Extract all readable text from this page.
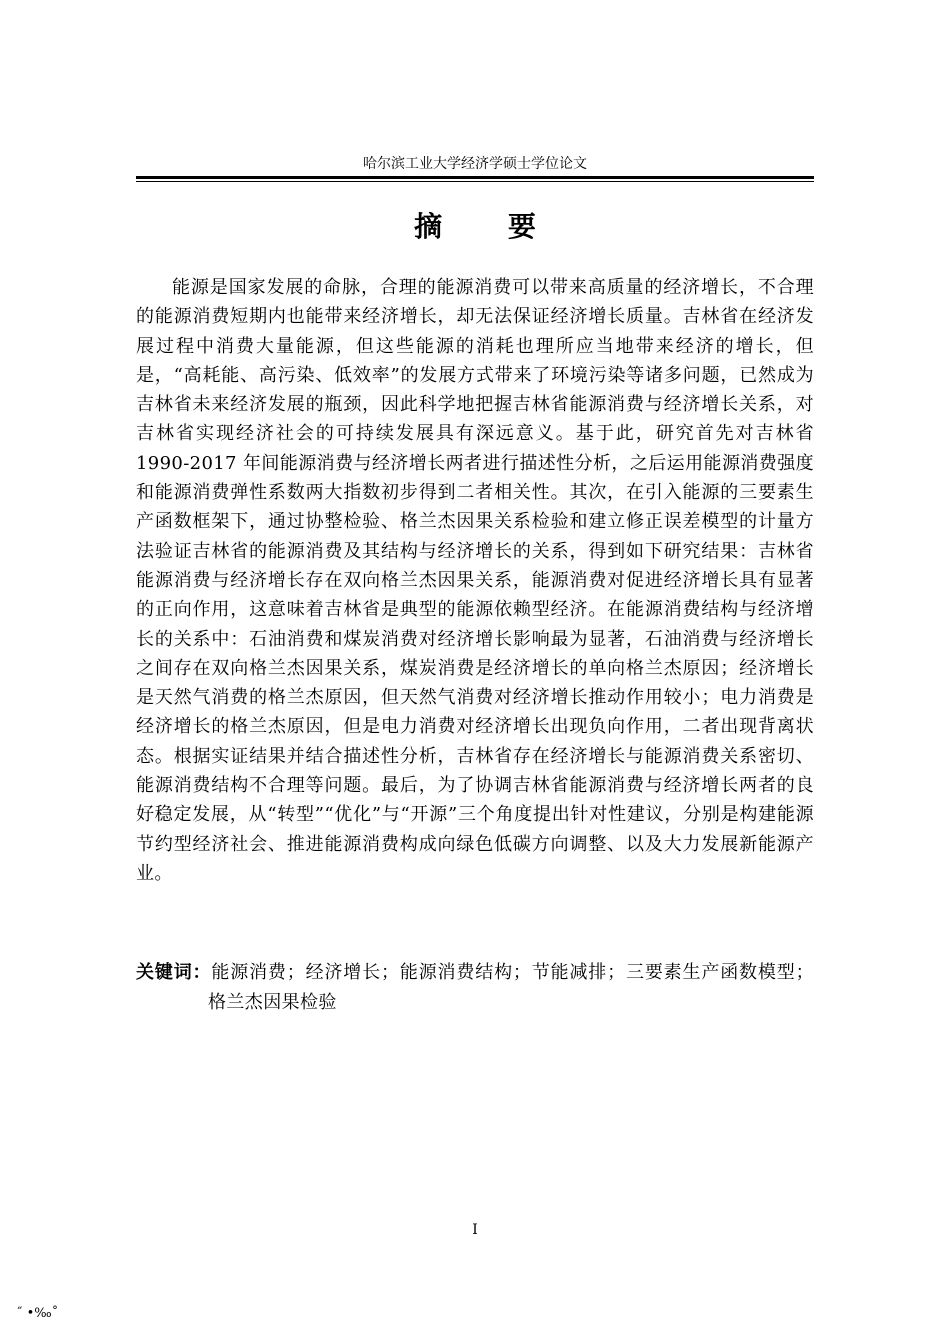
哈尔滨工业大学经济学硕士学位论文
摘 要

能源是国家发展的命脉，合理的能源消费可以带来高质量的经济增长，不合理的能源消费短期内也能带来经济增长，却无法保证经济增长质量。吉林省在经济发展过程中消费大量能源，但这些能源的消耗也理所应当地带来经济的增长，但是，“高耗能、高污染、低效率”的发展方式带来了环境污染等诸多问题，已然成为吉林省未来经济发展的瓶颈，因此科学地把握吉林省能源消费与经济增长关系，对吉林省实现经济社会的可持续发展具有深远意义。基于此，研究首先对吉林省 1990-2017 年间能源消费与经济增长两者进行描述性分析，之后运用能源消费强度和能源消费弹性系数两大指数初步得到二者相关性。其次，在引入能源的三要素生产函数框架下，通过协整检验、格兰杰因果关系检验和建立修正误差模型的计量方法验证吉林省的能源消费及其结构与经济增长的关系，得到如下研究结果：吉林省能源消费与经济增长存在双向格兰杰因果关系，能源消费对促进经济增长具有显著的正向作用，这意味着吉林省是典型的能源依赖型经济。在能源消费结构与经济增长的关系中：石油消费和煤炭消费对经济增长影响最为显著，石油消费与经济增长之间存在双向格兰杰因果关系，煤炭消费是经济增长的单向格兰杰原因；经济增长是天然气消费的格兰杰原因，但天然气消费对经济增长推动作用较小；电力消费是经济增长的格兰杰原因，但是电力消费对经济增长出现负向作用，二者出现背离状态。根据实证结果并结合描述性分析，吉林省存在经济增长与能源消费关系密切、能源消费结构不合理等问题。最后，为了协调吉林省能源消费与经济增长两者的良好稳定发展，从“转型”“优化”与“开源”三个角度提出针对性建议，分别是构建能源节约型经济社会、推进能源消费构成向绿色低碳方向调整、以及大力发展新能源产业。

关键词：能源消费；经济增长；能源消费结构；节能减排；三要素生产函数模型；格兰杰因果检验

I
˝ •‰˚
